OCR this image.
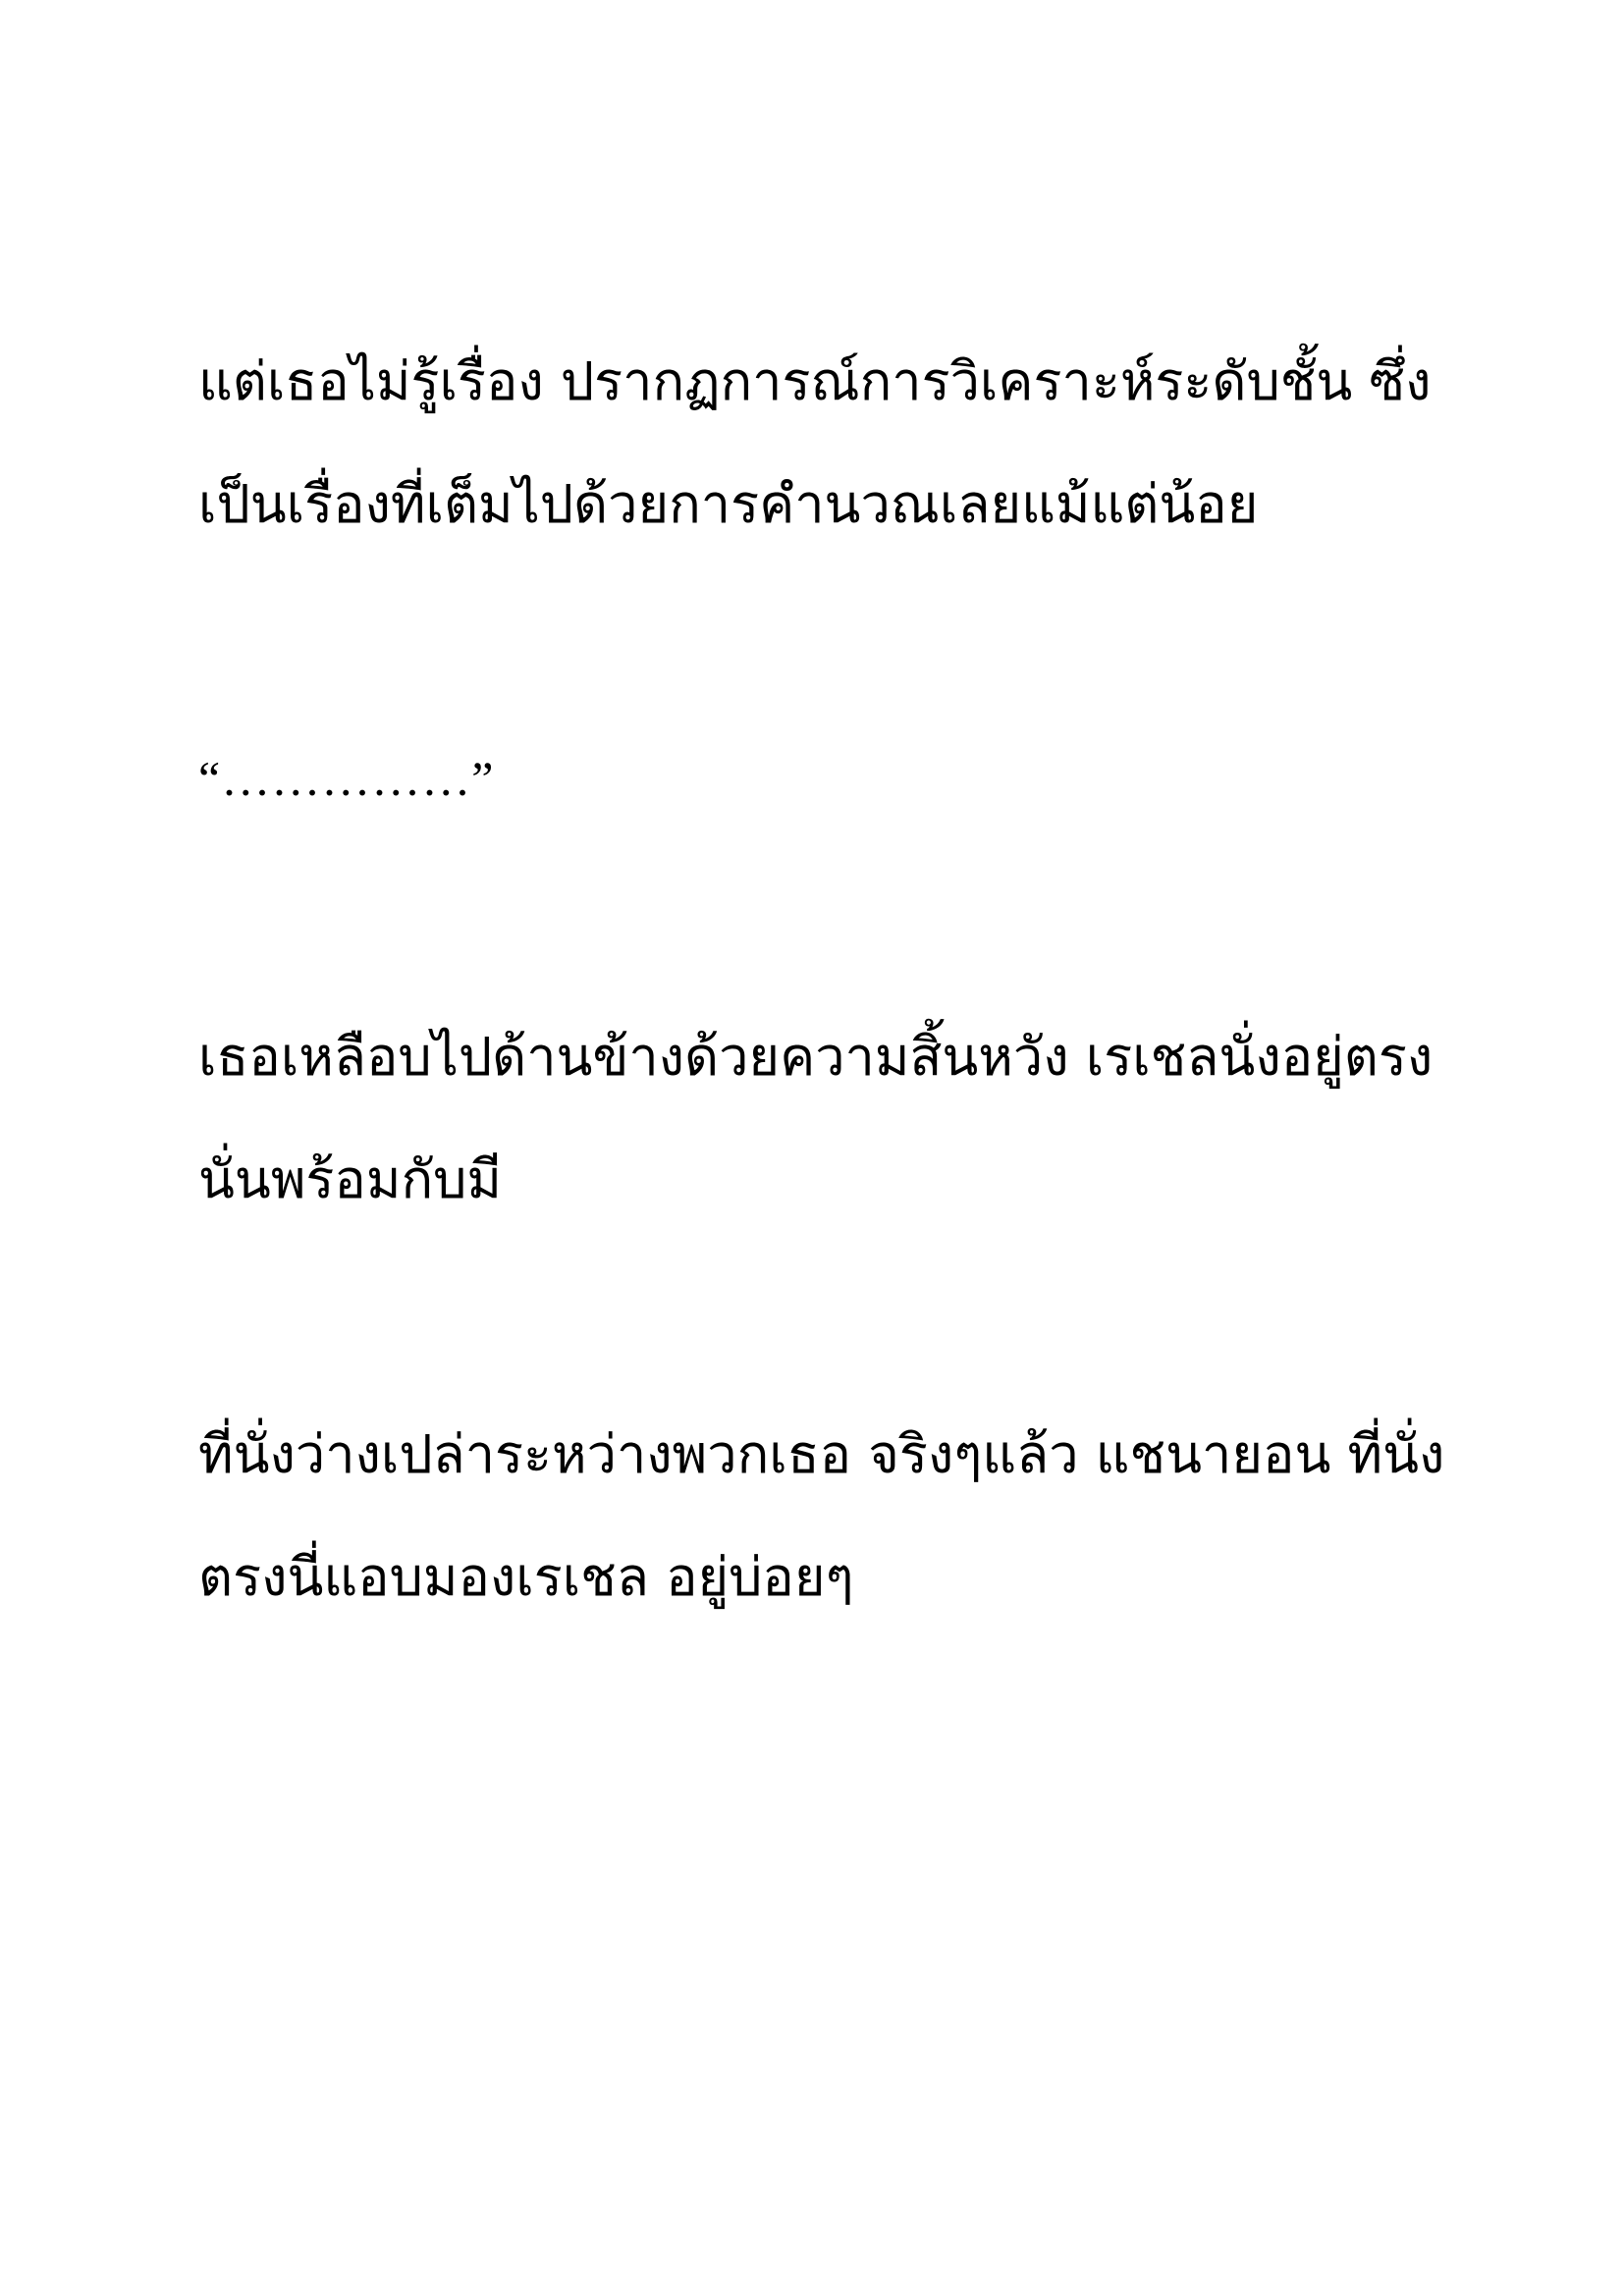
แต่เธอไม่รู้เรื่อง ปรากฏการณ์การวิเคราะห์ระดับชั้น ซึ่ง

เป็นเรื่องที่เต็มไปด้วยการคำนวณเลยแม้แต่น้อย

“……………”

เธอเหลือบไปด้านข้างด้วยความสิ้นหวัง เรเชลนั่งอยู่ตรง

นั่นพร้อมกับมี

ที่นั่งว่างเปล่าระหว่างพวกเธอ จริงๆแล้ว แชนายอน ที่นั่ง

ตรงนี่แอบมองเรเชล อยู่บ่อยๆ
